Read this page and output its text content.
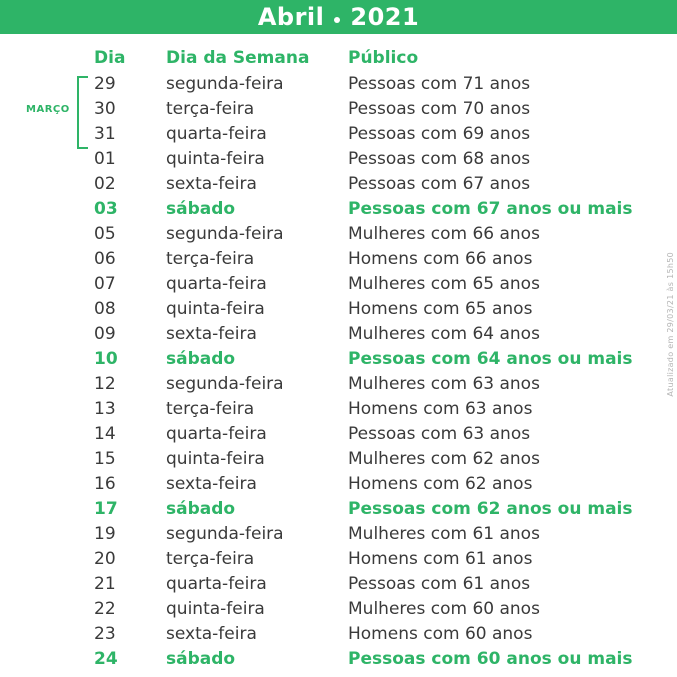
Abril 2021
Dia Dia da Semana Público
MARÇO
29	segunda-feira	Pessoas com 71 anos
30	terça-feira	Pessoas com 70 anos
31	quarta-feira	Pessoas com 69 anos
01	quinta-feira	Pessoas com 68 anos
02	sexta-feira	Pessoas com 67 anos
03	sábado	Pessoas com 67 anos ou mais
05	segunda-feira	Mulheres com 66 anos
06	terça-feira	Homens com 66 anos
07	quarta-feira	Mulheres com 65 anos
08	quinta-feira	Homens com 65 anos
09	sexta-feira	Mulheres com 64 anos
10	sábado	Pessoas com 64 anos ou mais
12	segunda-feira	Mulheres com 63 anos
13	terça-feira	Homens com 63 anos
14	quarta-feira	Pessoas com 63 anos
15	quinta-feira	Mulheres com 62 anos
16	sexta-feira	Homens com 62 anos
17	sábado	Pessoas com 62 anos ou mais
19	segunda-feira	Mulheres com 61 anos
20	terça-feira	Homens com 61 anos
21	quarta-feira	Pessoas com 61 anos
22	quinta-feira	Mulheres com 60 anos
23	sexta-feira	Homens com 60 anos
24	sábado	Pessoas com 60 anos ou mais
Atualizado em 29/03/21 às 15h50
